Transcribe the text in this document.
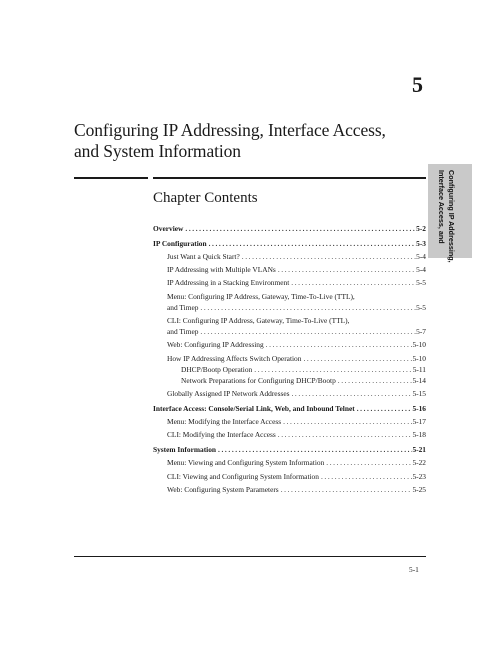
5
Configuring IP Addressing, Interface Access, and System Information
Configuring IP Addressing,
Interface Access, and
Chapter Contents
Overview .....	5-2
IP Configuration .....	5-3
Just Want a Quick Start? .....	5-4
IP Addressing with Multiple VLANs .....	5-4
IP Addressing in a Stacking Environment .....	5-5
Menu: Configuring IP Address, Gateway, Time-To-Live (TTL),
and Timep .....	5-5
CLI: Configuring IP Address, Gateway, Time-To-Live (TTL),
and Timep .....	5-7
Web: Configuring IP Addressing .....	5-10
How IP Addressing Affects Switch Operation .....	5-10
DHCP/Bootp Operation .....	5-11
Network Preparations for Configuring DHCP/Bootp .....	5-14
Globally Assigned IP Network Addresses .....	5-15
Interface Access: Console/Serial Link, Web, and Inbound Telnet .....	5-16
Menu: Modifying the Interface Access .....	5-17
CLI: Modifying the Interface Access .....	5-18
System Information .....	5-21
Menu: Viewing and Configuring System Information .....	5-22
CLI: Viewing and Configuring System Information .....	5-23
Web: Configuring System Parameters .....	5-25
5-1
